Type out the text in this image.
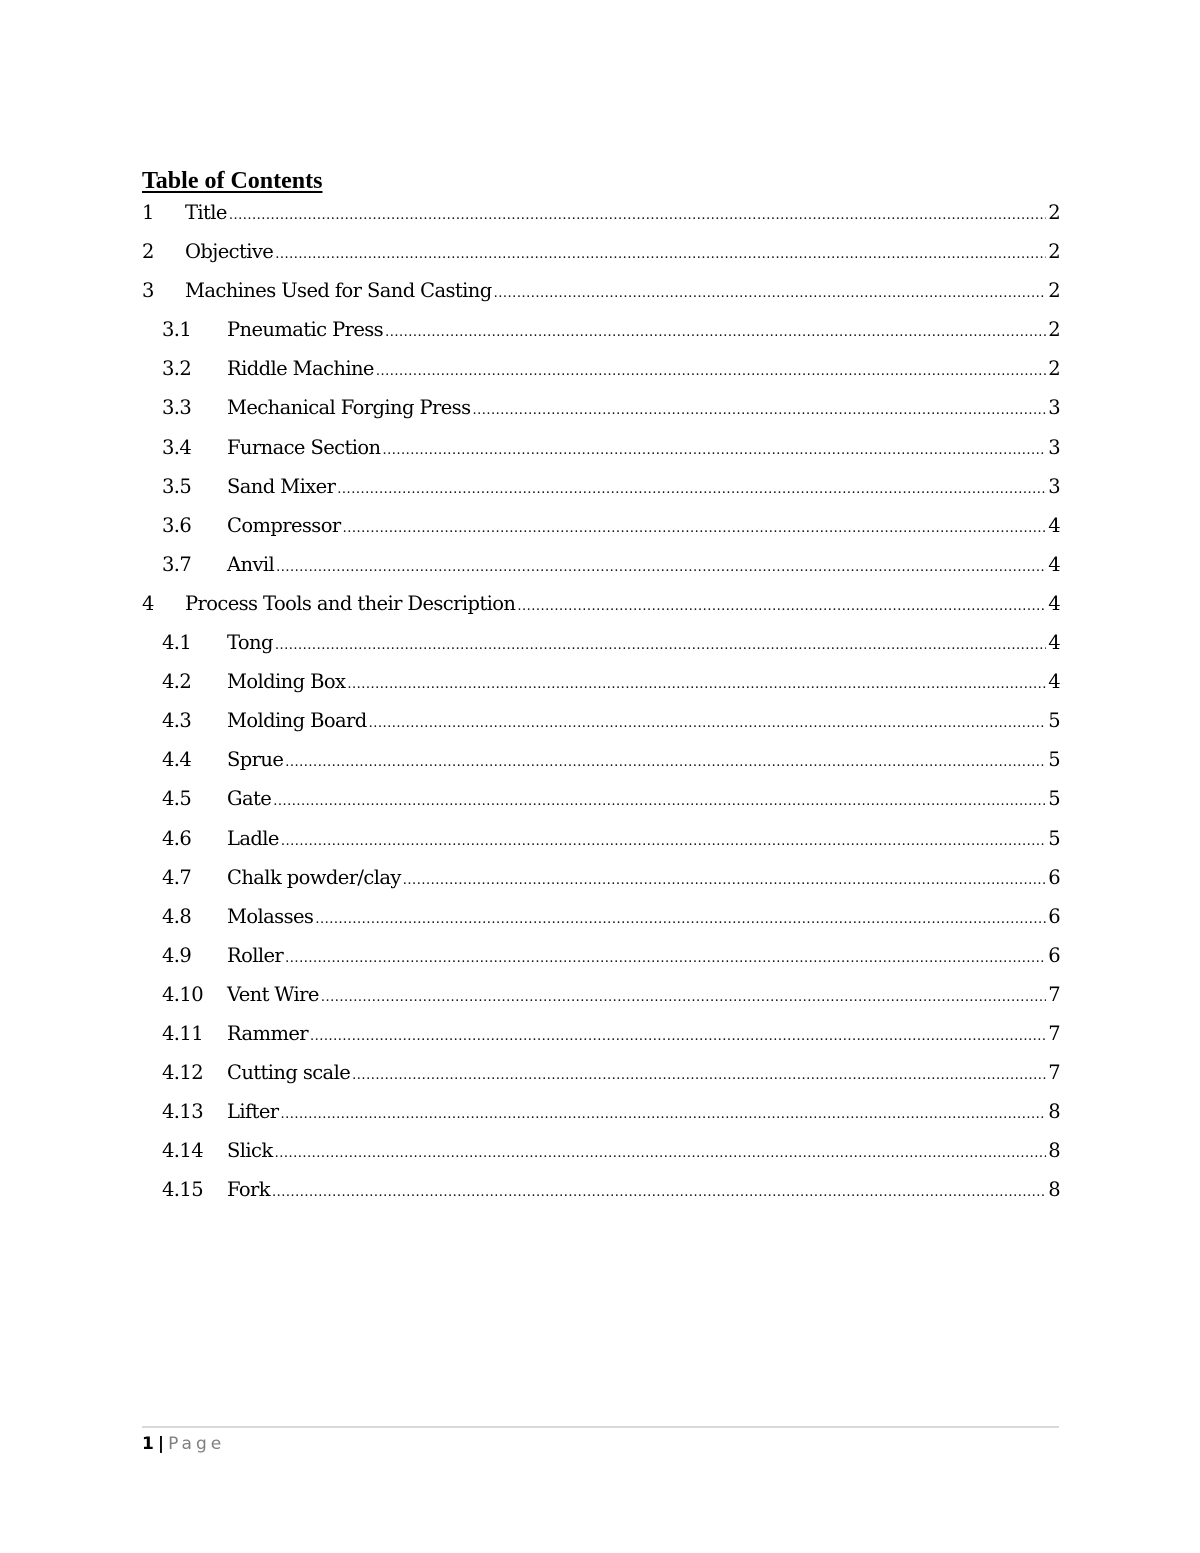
Table of Contents
1	Title .....	2
2	Objective .....	2
3	Machines Used for Sand Casting .....	2
3.1	Pneumatic Press .....	2
3.2	Riddle Machine .....	2
3.3	Mechanical Forging Press .....	3
3.4	Furnace Section .....	3
3.5	Sand Mixer .....	3
3.6	Compressor .....	4
3.7	Anvil .....	4
4	Process Tools and their Description .....	4
4.1	Tong .....	4
4.2	Molding Box .....	4
4.3	Molding Board .....	5
4.4	Sprue .....	5
4.5	Gate .....	5
4.6	Ladle .....	5
4.7	Chalk powder/clay .....	6
4.8	Molasses .....	6
4.9	Roller .....	6
4.10	Vent Wire .....	7
4.11	Rammer .....	7
4.12	Cutting scale .....	7
4.13	Lifter .....	8
4.14	Slick .....	8
4.15	Fork .....	8
1 | Page
